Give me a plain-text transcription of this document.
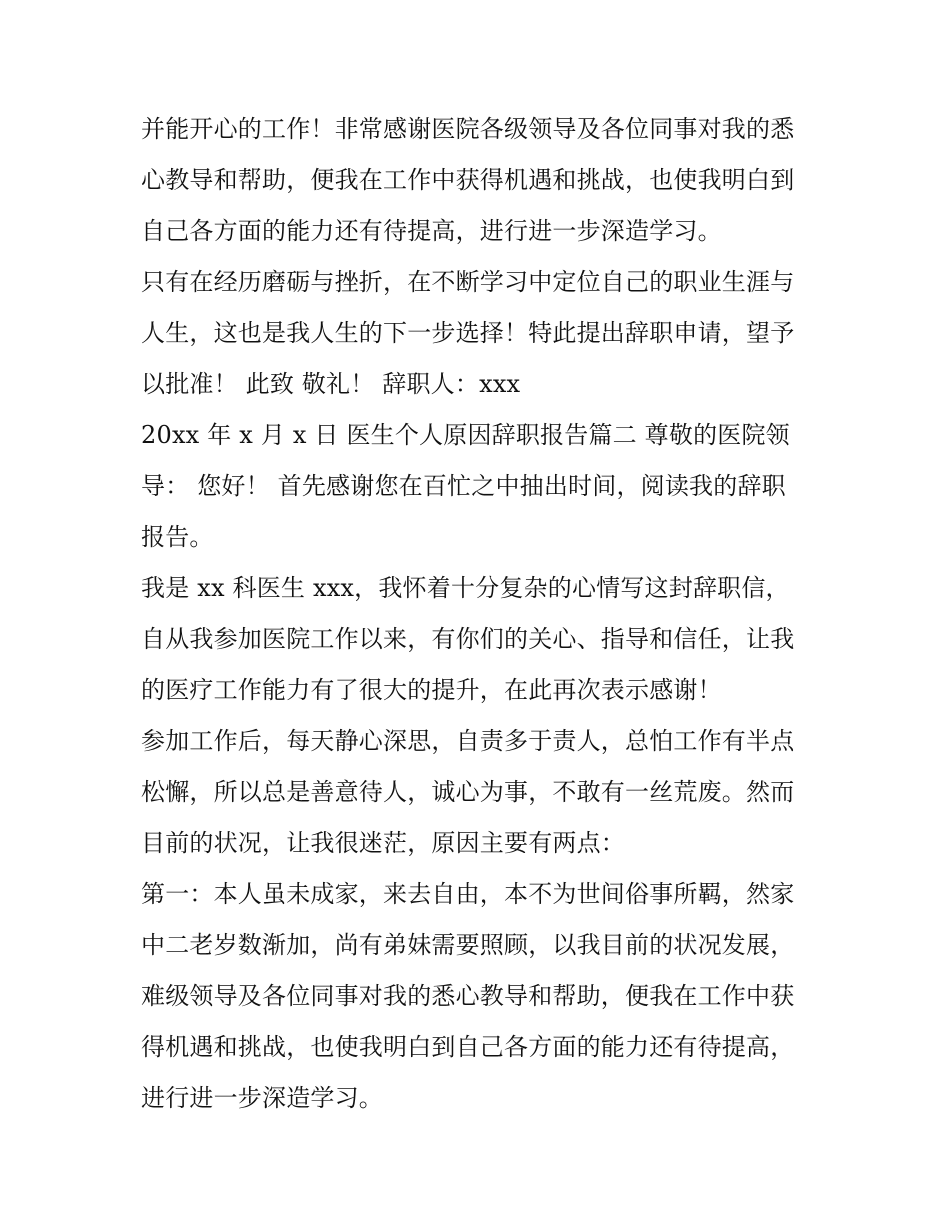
并能开心的工作！非常感谢医院各级领导及各位同事对我的悉
心教导和帮助，便我在工作中获得机遇和挑战，也使我明白到
自己各方面的能力还有待提高，进行进一步深造学习。
只有在经历磨砺与挫折，在不断学习中定位自己的职业生涯与
人生，这也是我人生的下一步选择！特此提出辞职申请，望予
以批准！ 此致 敬礼！ 辞职人：xxx
20xx 年 x 月 x 日 医生个人原因辞职报告篇二 尊敬的医院领
导： 您好！ 首先感谢您在百忙之中抽出时间，阅读我的辞职
报告。
我是 xx 科医生 xxx，我怀着十分复杂的心情写这封辞职信，
自从我参加医院工作以来，有你们的关心、指导和信任，让我
的医疗工作能力有了很大的提升，在此再次表示感谢！
参加工作后，每天静心深思，自责多于责人，总怕工作有半点
松懈，所以总是善意待人，诚心为事，不敢有一丝荒废。然而
目前的状况，让我很迷茫，原因主要有两点：
第一：本人虽未成家，来去自由，本不为世间俗事所羁，然家
中二老岁数渐加，尚有弟妹需要照顾，以我目前的状况发展，
难级领导及各位同事对我的悉心教导和帮助，便我在工作中获
得机遇和挑战，也使我明白到自己各方面的能力还有待提高，
进行进一步深造学习。
